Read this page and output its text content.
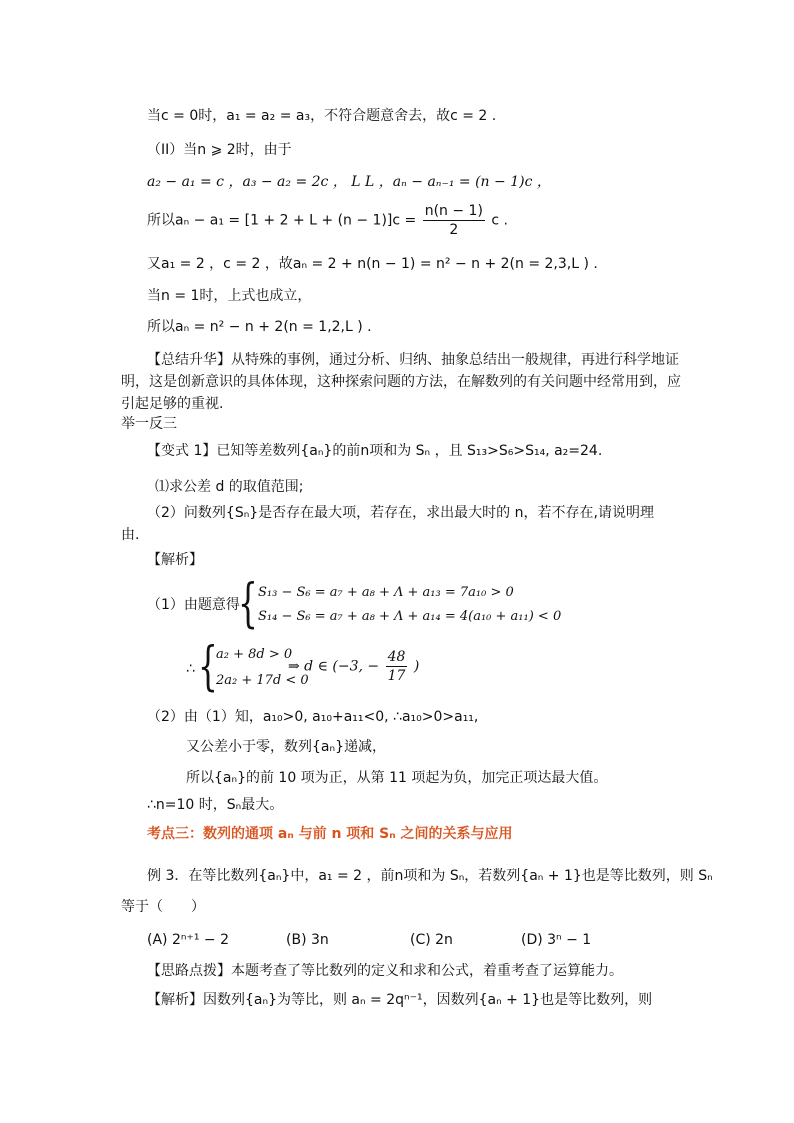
当c = 0时，a₁ = a₂ = a₃，不符合题意舍去，故c = 2 .
（II）当n ⩾ 2时，由于
a₂ − a₁ = c ，a₃ − a₂ = 2c ， L L ，aₙ − aₙ₋₁ = (n − 1)c ，
所以$a_n - a_1 = [1 + 2 + L + (n - 1)]c = \frac{n(n - 1)}{2}$ c .
又a₁ = 2 ，c = 2 ，故aₙ = 2 + n(n − 1) = n² − n + 2(n = 2,3,L ) .
当n = 1时，上式也成立，
所以aₙ = n² − n + 2(n = 1,2,L ) .
【总结升华】从特殊的事例，通过分析、归纳、抽象总结出一般规律，再进行科学地证
明，这是创新意识的具体体现，这种探索问题的方法，在解数列的有关问题中经常用到，应
引起足够的重视.
举一反三
【变式 1】已知等差数列{aₙ}的前n项和为 Sₙ ，且 S₁₃>S₆>S₁₄, a₂=24.
⑴求公差 d 的取值范围;
（2）问数列{Sₙ}是否存在最大项，若存在，求出最大时的 n，若不存在,请说明理
由.
【解析】
（1）由题意得
{ S₁₃ − S₆ = a₇ + a₈ + Λ + a₁₃ = 7a₁₀ > 0
S₁₄ − S₆ = a₇ + a₈ + Λ + a₁₄ = 4(a₁₀ + a₁₁) < 0
∴ {
a₂ + 8d > 0
2a₂ + 17d < 0
⇒ d ∈ (−3, − $\frac{48}{17}$ )
（2）由（1）知，a₁₀>0, a₁₀+a₁₁<0, ∴a₁₀>0>a₁₁,
又公差小于零，数列{aₙ}递减，
所以{aₙ}的前 10 项为正，从第 11 项起为负，加完正项达最大值。
∴n=10 时，Sₙ最大。
考点三：数列的通项 aₙ 与前 n 项和 Sₙ 之间的关系与应用
例 3．在等比数列{aₙ}中，a₁ = 2 ，前n项和为 Sₙ，若数列{aₙ + 1}也是等比数列，则 Sₙ
等于（　　）
(A) 2ⁿ⁺¹ − 2	(B) 3n	(C) 2n	(D) 3ⁿ − 1
【思路点拨】本题考查了等比数列的定义和求和公式，着重考查了运算能力。
【解析】因数列{aₙ}为等比，则 aₙ = 2qⁿ⁻¹，因数列{aₙ + 1}也是等比数列，则
